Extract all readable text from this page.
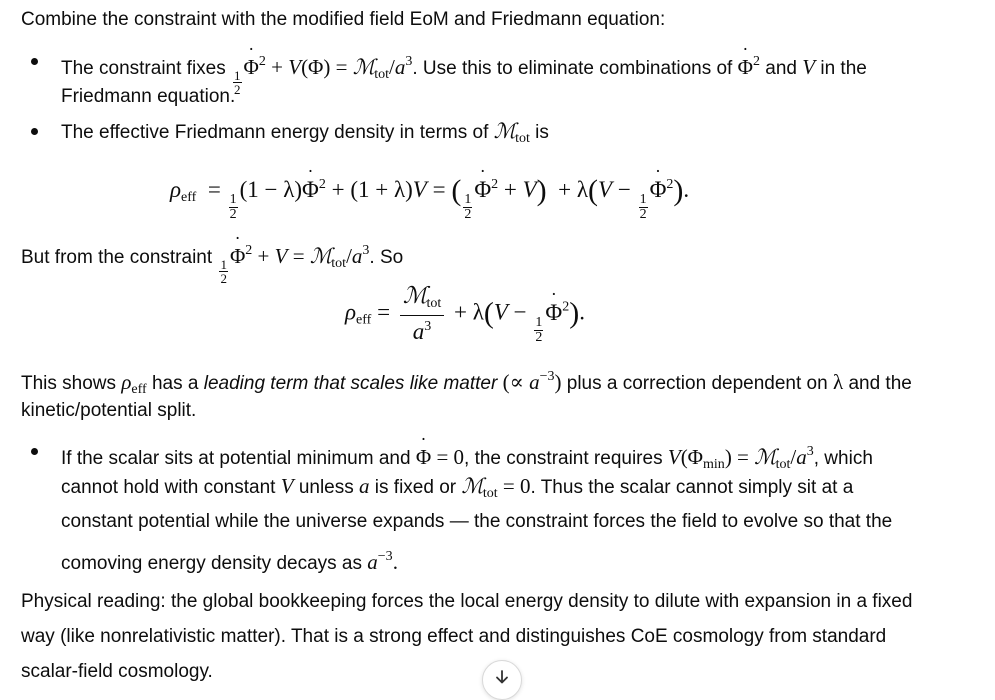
Combine the constraint with the modified field EoM and Friedmann equation:

The constraint fixes
$\frac{1}{2}$
˙ $\Phi^2 + V(\Phi)$ = $ℳ_{tot}/a^3$. Use this to eliminate combinations of ˙ $\Phi^2$ and V in the

Friedmann equation.

The effective Friedmann energy density in terms of ℳ$_{tot}$ is

$\rho_{eff}$  =
$\frac{1}{2}$
(1 − λ)˙ $\Phi^2 + (1 + \lambda)V$ = (
$\frac{1}{2}$
˙ $\Phi^2 + V) + \lambda(V$ −
$\frac{1}{2}$
˙ $\Phi^2$).

But from the constraint
$\frac{1}{2}$
˙ $\Phi^2 + V$ = $ℳ_{tot}/a^3$. So

$\rho_{eff}$ =
ℳ$_{tot}$
$a^3$
+ λ(V −
$\frac{1}{2}$
˙ $\Phi^2$).

This shows $\rho_{eff}$ has a leading term that scales like matter (∝ $a^{-3}$) plus a correction dependent on λ and the

kinetic/potential split.

If the scalar sits at potential minimum and ˙ Φ = 0, the constraint requires $V(\Phi_{min})$ = $ℳ_{tot}/a^3$, which

cannot hold with constant V unless a is fixed or ℳ$_{tot}$ = 0. Thus the scalar cannot simply sit at a

constant potential while the universe expands — the constraint forces the field to evolve so that the

comoving energy density decays as $a^{-3}$.

Physical reading: the global bookkeeping forces the local energy density to dilute with expansion in a fixed

way (like nonrelativistic matter). That is a strong effect and distinguishes CoE cosmology from standard

scalar-field cosmology.
